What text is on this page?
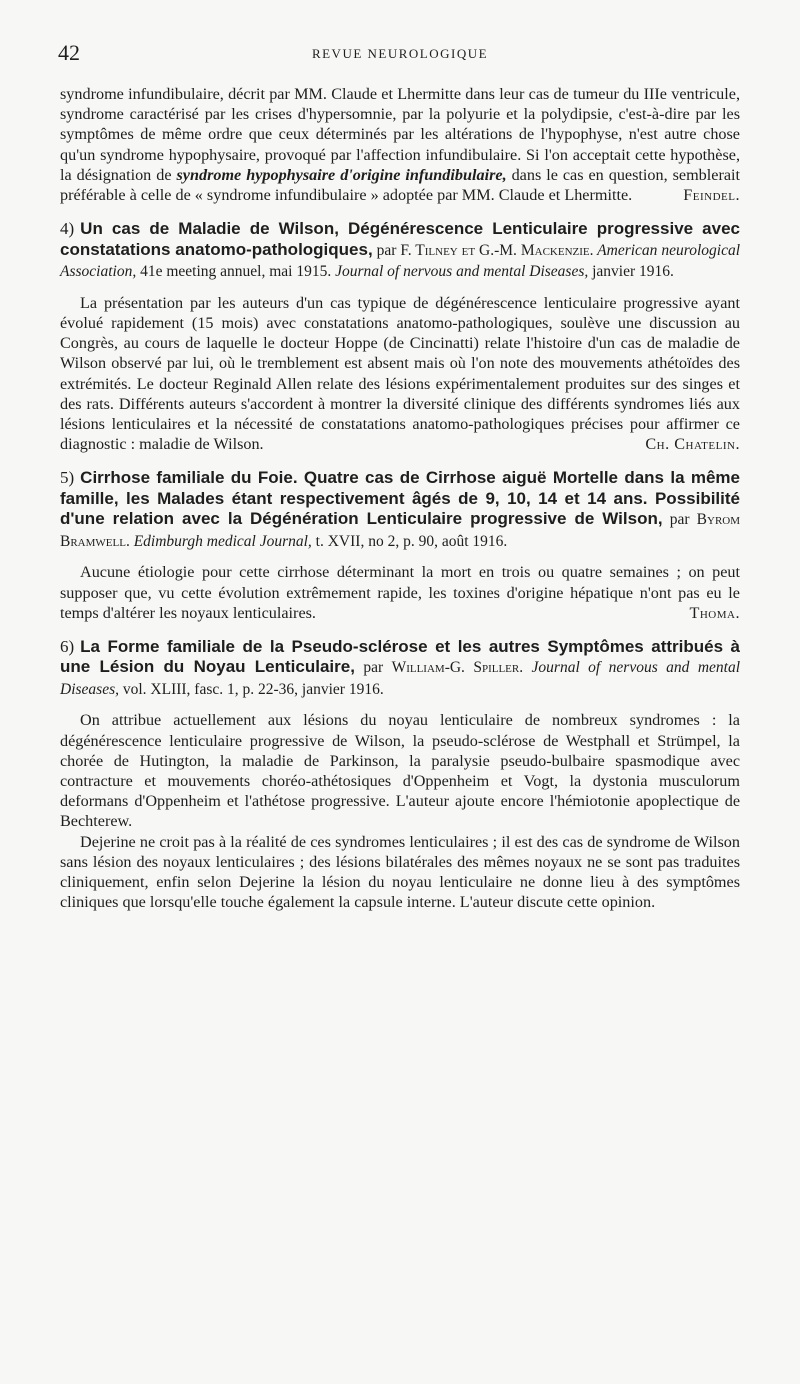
42	REVUE NEUROLOGIQUE

syndrome infundibulaire, décrit par MM. Claude et Lhermitte dans leur cas de tumeur du IIIe ventricule, syndrome caractérisé par les crises d'hypersomnie, par la polyurie et la polydipsie, c'est-à-dire par les symptômes de même ordre que ceux déterminés par les altérations de l'hypophyse, n'est autre chose qu'un syndrome hypophysaire, provoqué par l'affection infundibulaire. Si l'on acceptait cette hypothèse, la désignation de syndrome hypophysaire d'origine infundibulaire, dans le cas en question, semblerait préférable à celle de « syndrome infundibulaire » adoptée par MM. Claude et Lhermitte.	Feindel.

4) Un cas de Maladie de Wilson, Dégénérescence Lenticulaire progressive avec constatations anatomo-pathologiques, par F. Tilney et G.-M. Mackenzie. American neurological Association, 41e meeting annuel, mai 1915. Journal of nervous and mental Diseases, janvier 1916.

La présentation par les auteurs d'un cas typique de dégénérescence lenticulaire progressive ayant évolué rapidement (15 mois) avec constatations anatomo-pathologiques, soulève une discussion au Congrès, au cours de laquelle le docteur Hoppe (de Cincinatti) relate l'histoire d'un cas de maladie de Wilson observé par lui, où le tremblement est absent mais où l'on note des mouvements athétoïdes des extrémités. Le docteur Reginald Allen relate des lésions expérimentalement produites sur des singes et des rats. Différents auteurs s'accordent à montrer la diversité clinique des différents syndromes liés aux lésions lenticulaires et la nécessité de constatations anatomo-pathologiques précises pour affirmer ce diagnostic : maladie de Wilson.	Ch. Chatelin.

5) Cirrhose familiale du Foie. Quatre cas de Cirrhose aiguë Mortelle dans la même famille, les Malades étant respectivement âgés de 9, 10, 14 et 14 ans. Possibilité d'une relation avec la Dégénération Lenticulaire progressive de Wilson, par Byrom Bramwell. Edimburgh medical Journal, t. XVII, no 2, p. 90, août 1916.

Aucune étiologie pour cette cirrhose déterminant la mort en trois ou quatre semaines ; on peut supposer que, vu cette évolution extrêmement rapide, les toxines d'origine hépatique n'ont pas eu le temps d'altérer les noyaux lenticulaires.	Thoma.

6) La Forme familiale de la Pseudo-sclérose et les autres Symptômes attribués à une Lésion du Noyau Lenticulaire, par William-G. Spiller. Journal of nervous and mental Diseases, vol. XLIII, fasc. 1, p. 22-36, janvier 1916.

On attribue actuellement aux lésions du noyau lenticulaire de nombreux syndromes : la dégénérescence lenticulaire progressive de Wilson, la pseudo-sclérose de Westphall et Strümpel, la chorée de Hutington, la maladie de Parkinson, la paralysie pseudo-bulbaire spasmodique avec contracture et mouvements choréo-athétosiques d'Oppenheim et Vogt, la dystonia musculorum deformans d'Oppenheim et l'athétose progressive. L'auteur ajoute encore l'hémiotonie apoplectique de Bechterew.

Dejerine ne croit pas à la réalité de ces syndromes lenticulaires ; il est des cas de syndrome de Wilson sans lésion des noyaux lenticulaires ; des lésions bilatérales des mêmes noyaux ne se sont pas traduites cliniquement, enfin selon Dejerine la lésion du noyau lenticulaire ne donne lieu à des symptômes cliniques que lorsqu'elle touche également la capsule interne. L'auteur discute cette opinion.
